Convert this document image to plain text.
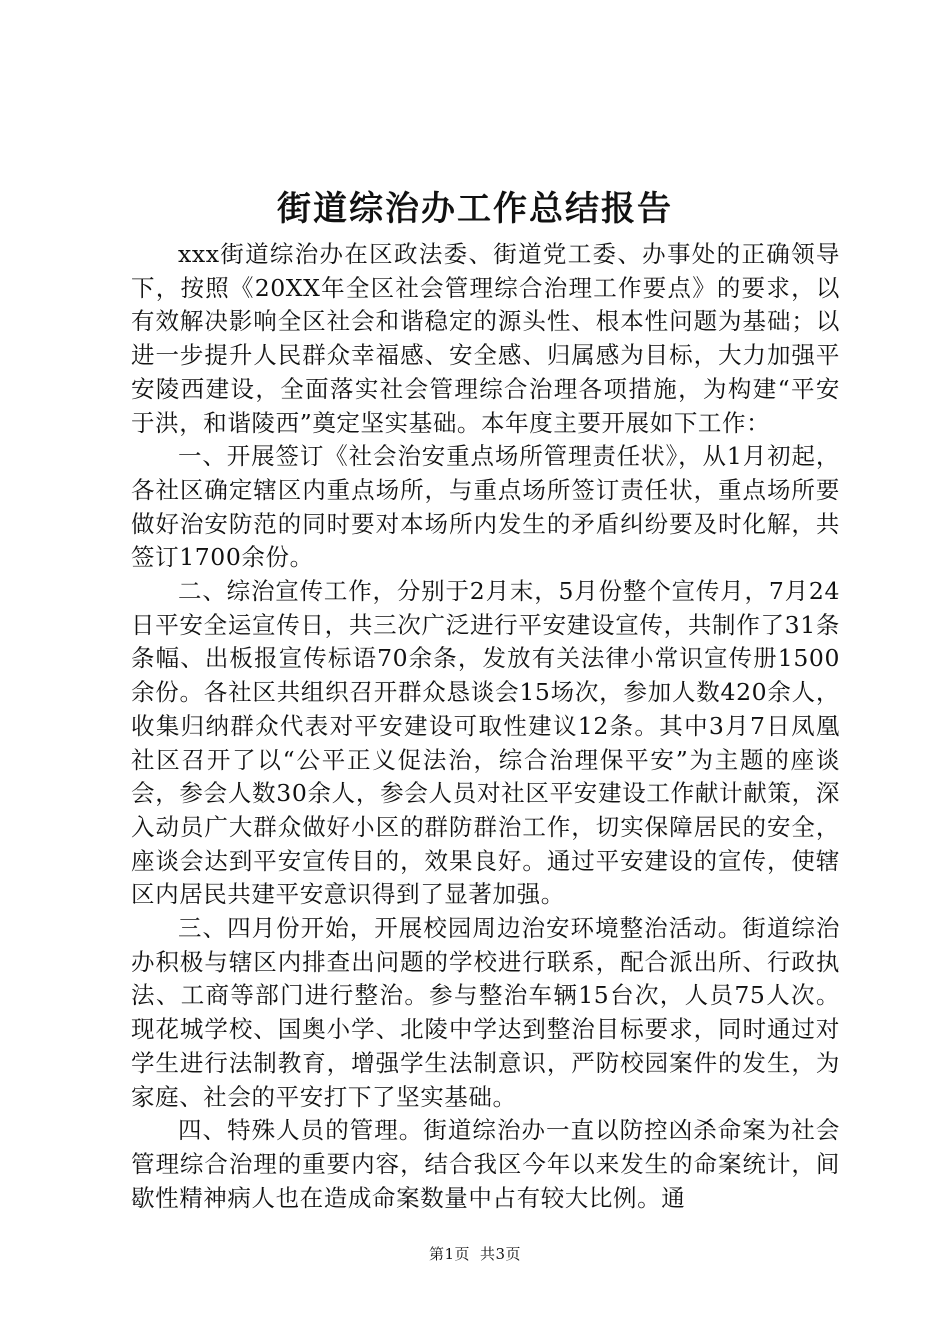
街道综治办工作总结报告

xxx街道综治办在区政法委、街道党工委、办事处的正确领导下，按照《20XX年全区社会管理综合治理工作要点》的要求，以有效解决影响全区社会和谐稳定的源头性、根本性问题为基础；以进一步提升人民群众幸福感、安全感、归属感为目标，大力加强平安陵西建设，全面落实社会管理综合治理各项措施，为构建“平安于洪，和谐陵西”奠定坚实基础。本年度主要开展如下工作：

一、开展签订《社会治安重点场所管理责任状》，从1月初起，各社区确定辖区内重点场所，与重点场所签订责任状，重点场所要做好治安防范的同时要对本场所内发生的矛盾纠纷要及时化解，共签订1700余份。

二、综治宣传工作，分别于2月末，5月份整个宣传月，7月24日平安全运宣传日，共三次广泛进行平安建设宣传，共制作了31条条幅、出板报宣传标语70余条，发放有关法律小常识宣传册1500余份。各社区共组织召开群众恳谈会15场次，参加人数420余人，收集归纳群众代表对平安建设可取性建议12条。其中3月7日凤凰社区召开了以“公平正义促法治，综合治理保平安”为主题的座谈会，参会人数30余人，参会人员对社区平安建设工作献计献策，深入动员广大群众做好小区的群防群治工作，切实保障居民的安全，座谈会达到平安宣传目的，效果良好。通过平安建设的宣传，使辖区内居民共建平安意识得到了显著加强。

三、四月份开始，开展校园周边治安环境整治活动。街道综治办积极与辖区内排查出问题的学校进行联系，配合派出所、行政执法、工商等部门进行整治。参与整治车辆15台次，人员75人次。现花城学校、国奥小学、北陵中学达到整治目标要求，同时通过对学生进行法制教育，增强学生法制意识，严防校园案件的发生，为家庭、社会的平安打下了坚实基础。

四、特殊人员的管理。街道综治办一直以防控凶杀命案为社会管理综合治理的重要内容，结合我区今年以来发生的命案统计，间歇性精神病人也在造成命案数量中占有较大比例。通

第1页 共3页
